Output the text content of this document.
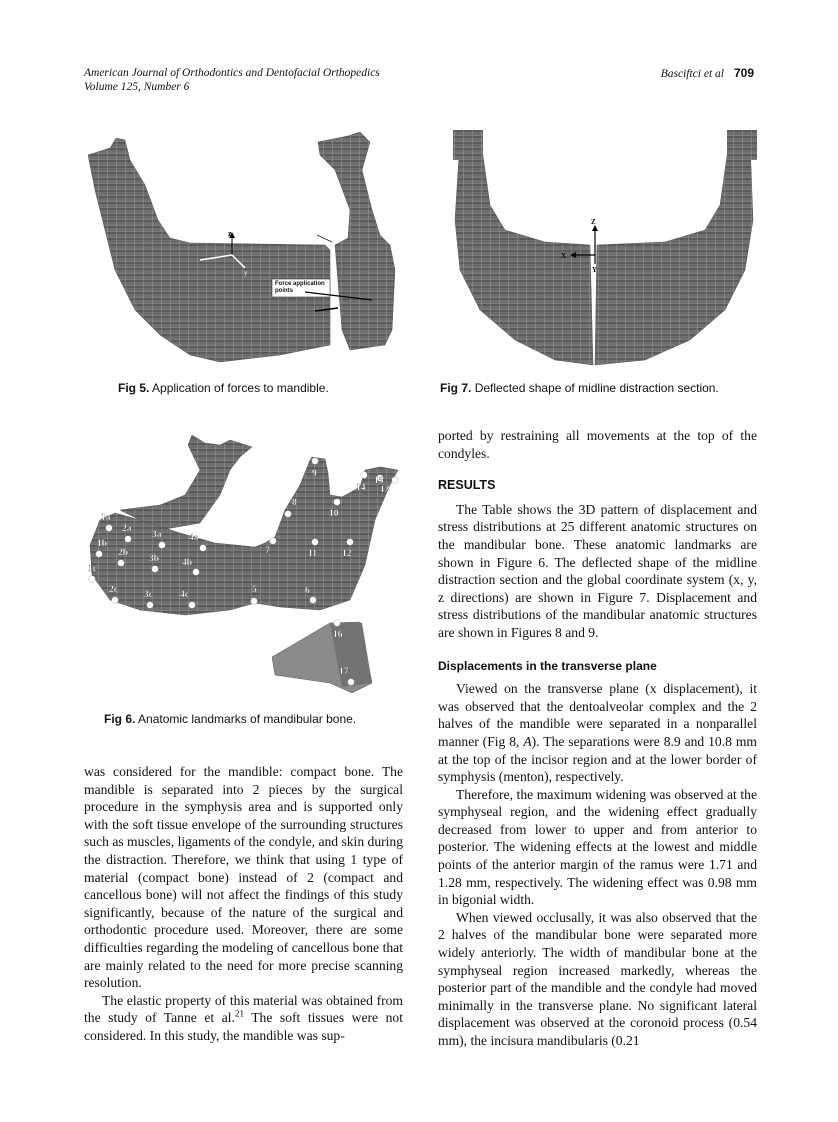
American Journal of Orthodontics and Dentofacial Orthopedics
Volume 125, Number 6
Basciftci et al 709
z
y
Seperation line
Force application points
Fig 5. Application of forces to mandible.
Z
X
Y
Fig 7. Deflected shape of midline distraction section.
1a
2a
3a	4a
1b
2b
3b 4b
1c
2c	3c	4c	5	6
7
8
9
10
11	12
13
14
15
16
17
Fig 6. Anatomic landmarks of mandibular bone.

was considered for the mandible: compact bone. The mandible is separated into 2 pieces by the surgical procedure in the symphysis area and is supported only with the soft tissue envelope of the surrounding structures such as muscles, ligaments of the condyle, and skin during the distraction. Therefore, we think that using 1 type of material (compact bone) instead of 2 (compact and cancellous bone) will not affect the findings of this study significantly, because of the nature of the surgical and orthodontic procedure used. Moreover, there are some difficulties regarding the modeling of cancellous bone that are mainly related to the need for more precise scanning resolution.

The elastic property of this material was obtained from the study of Tanne et al.$^{21}$ The soft tissues were not considered. In this study, the mandible was sup-

ported by restraining all movements at the top of the condyles.

RESULTS

The Table shows the 3D pattern of displacement and stress distributions at 25 different anatomic structures on the mandibular bone. These anatomic landmarks are shown in Figure 6. The deflected shape of the midline distraction section and the global coordinate system (x, y, z directions) are shown in Figure 7. Displacement and stress distributions of the mandibular anatomic structures are shown in Figures 8 and 9.

Displacements in the transverse plane

Viewed on the transverse plane (x displacement), it was observed that the dentoalveolar complex and the 2 halves of the mandible were separated in a nonparallel manner (Fig 8, A). The separations were 8.9 and 10.8 mm at the top of the incisor region and at the lower border of symphysis (menton), respectively.

Therefore, the maximum widening was observed at the symphyseal region, and the widening effect gradually decreased from lower to upper and from anterior to posterior. The widening effects at the lowest and middle points of the anterior margin of the ramus were 1.71 and 1.28 mm, respectively. The widening effect was 0.98 mm in bigonial width.

When viewed occlusally, it was also observed that the 2 halves of the mandibular bone were separated more widely anteriorly. The width of mandibular bone at the symphyseal region increased markedly, whereas the posterior part of the mandible and the condyle had moved minimally in the transverse plane. No significant lateral displacement was observed at the coronoid process (0.54 mm), the incisura mandibularis (0.21
